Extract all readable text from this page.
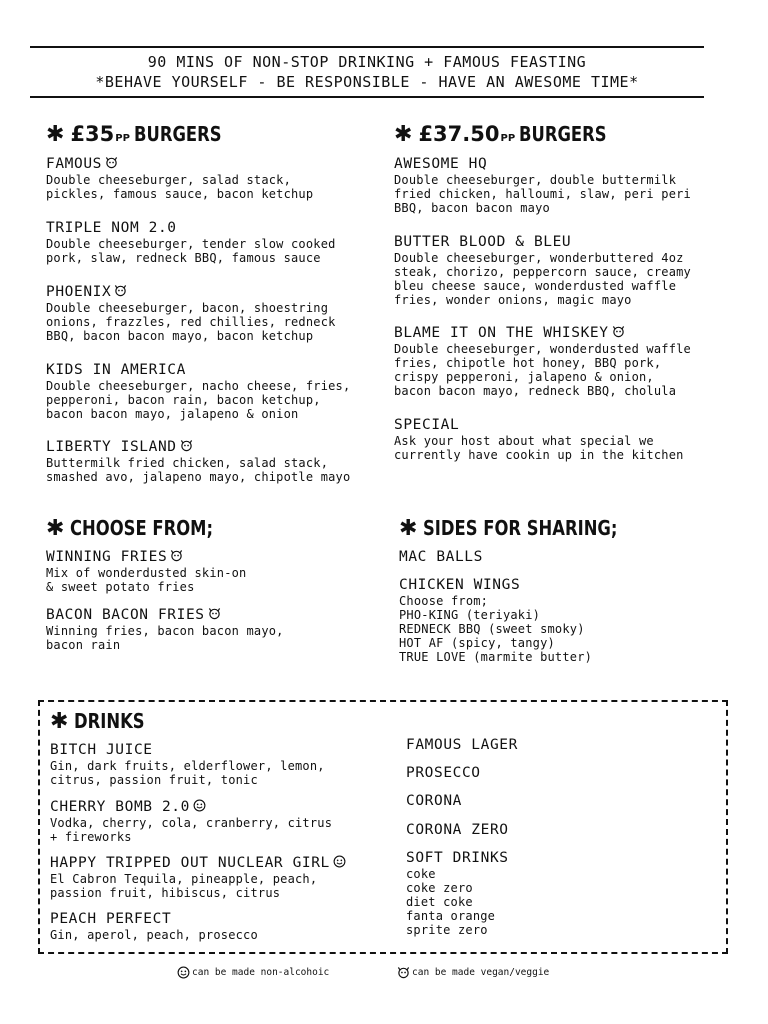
90 MINS OF NON-STOP DRINKING + FAMOUS FEASTING
*BEHAVE YOURSELF - BE RESPONSIBLE - HAVE AN AWESOME TIME*
✱ £35 PP BURGERS
FAMOUS
Double cheeseburger, salad stack,
pickles, famous sauce, bacon ketchup
TRIPLE NOM 2.0
Double cheeseburger, tender slow cooked
pork, slaw, redneck BBQ, famous sauce
PHOENIX
Double cheeseburger, bacon, shoestring
onions, frazzles, red chillies, redneck
BBQ, bacon bacon mayo, bacon ketchup
KIDS IN AMERICA
Double cheeseburger, nacho cheese, fries,
pepperoni, bacon rain, bacon ketchup,
bacon bacon mayo, jalapeno & onion
LIBERTY ISLAND
Buttermilk fried chicken, salad stack,
smashed avo, jalapeno mayo, chipotle mayo
✱ £37.50 PP BURGERS
AWESOME HQ
Double cheeseburger, double buttermilk
fried chicken, halloumi, slaw, peri peri
BBQ, bacon bacon mayo
BUTTER BLOOD & BLEU
Double cheeseburger, wonderbuttered 4oz
steak, chorizo, peppercorn sauce, creamy
bleu cheese sauce, wonderdusted waffle
fries, wonder onions, magic mayo
BLAME IT ON THE WHISKEY
Double cheeseburger, wonderdusted waffle
fries, chipotle hot honey, BBQ pork,
crispy pepperoni, jalapeno & onion,
bacon bacon mayo, redneck BBQ, cholula
SPECIAL
Ask your host about what special we
currently have cookin up in the kitchen
✱ CHOOSE FROM;
WINNING FRIES
Mix of wonderdusted skin-on
& sweet potato fries
BACON BACON FRIES
Winning fries, bacon bacon mayo,
bacon rain
✱ SIDES FOR SHARING;
MAC BALLS
CHICKEN WINGS
Choose from;
PHO-KING (teriyaki)
REDNECK BBQ (sweet smoky)
HOT AF (spicy, tangy)
TRUE LOVE (marmite butter)
✱ DRINKS
BITCH JUICE
Gin, dark fruits, elderflower, lemon,
citrus, passion fruit, tonic
CHERRY BOMB 2.0
Vodka, cherry, cola, cranberry, citrus
+ fireworks
HAPPY TRIPPED OUT NUCLEAR GIRL
El Cabron Tequila, pineapple, peach,
passion fruit, hibiscus, citrus
PEACH PERFECT
Gin, aperol, peach, prosecco
FAMOUS LAGER
PROSECCO
CORONA
CORONA ZERO
SOFT DRINKS
coke
coke zero
diet coke
fanta orange
sprite zero
can be made non-alcohoic	can be made vegan/veggie
